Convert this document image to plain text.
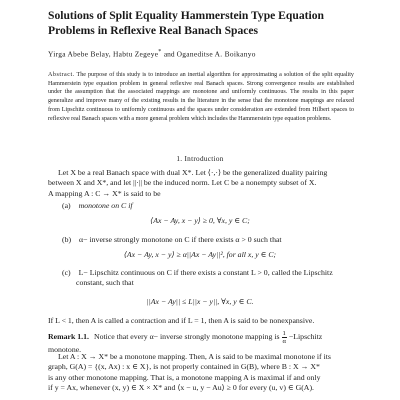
Solutions of Split Equality Hammerstein Type Equation
Problems in Reflexive Real Banach Spaces
Yirga Abebe Belay, Habtu Zegeye* and Oganeditse A. Boikanyo
Abstract. The purpose of this study is to introduce an inertial algorithm for approximating a solution of the split equality Hammerstein type equation problem in general reflexive real Banach spaces. Strong convergence results are established under the assumption that the associated mappings are monotone and uniformly continuous. The results in this paper generalize and improve many of the existing results in the literature in the sense that the monotone mappings are relaxed from Lipschitz continuous to uniformly continuous and the spaces under consideration are extended from Hilbert spaces to reflexive real Banach spaces with a more general problem which includes the Hammerstein type equation problems.
1. Introduction
Let X be a real Banach space with dual X*. Let ⟨·,·⟩ be the generalized duality pairing
between X and X*, and let ||·|| be the induced norm. Let C be a nonempty subset of X.
A mapping A : C → X* is said to be
(a) monotone on C if
⟨Ax − Ay, x − y⟩ ≥ 0, ∀x, y ∈ C;
(b) α− inverse strongly monotone on C if there exists α > 0 such that
⟨Ax − Ay, x − y⟩ ≥ α||Ax − Ay||², for all x, y ∈ C;
(c) L− Lipschitz continuous on C if there exists a constant L > 0, called the Lipschitz
constant, such that
||Ax − Ay|| ≤ L||x − y||, ∀x, y ∈ C.
If L < 1, then A is called a contraction and if L = 1, then A is said to be nonexpansive.
Remark 1.1. Notice that every α− inverse strongly monotone mapping is $\frac{1}{\alpha}$ −Lipschitz
monotone.
Let A : X → X* be a monotone mapping. Then, A is said to be maximal monotone if its
graph, G(A) = {(x, Ax) : x ∈ X}, is not properly contained in G(B), where B : X → X*
is any other monotone mapping. That is, a monotone mapping A is maximal if and only
if y = Ax, whenever (x, y) ∈ X × X* and ⟨x − u, y − Au⟩ ≥ 0 for every (u, v) ∈ G(A).
